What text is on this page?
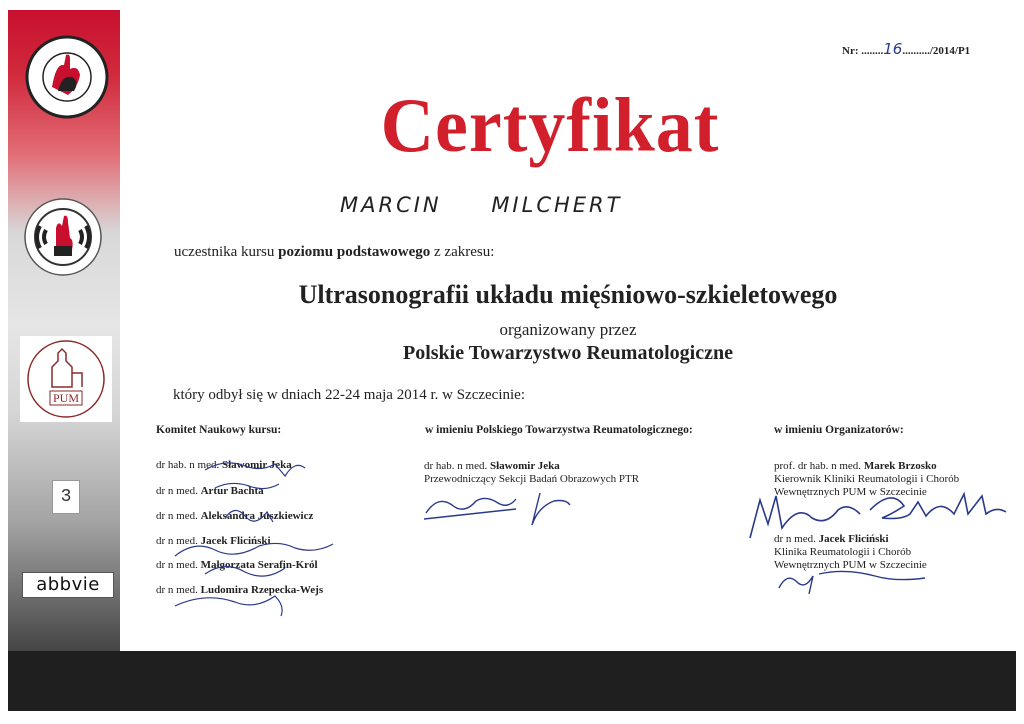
PUM
3
abbvie
Nr: ........16........../2014/P1
Certyfikat
MARCIN MILCHERT
uczestnika kursu poziomu podstawowego z zakresu:
Ultrasonografii układu mięśniowo-szkieletowego
organizowany przez
Polskie Towarzystwo Reumatologiczne
który odbył się w dniach 22-24 maja 2014 r. w Szczecinie:
Komitet Naukowy kursu:	w imieniu Polskiego Towarzystwa Reumatologicznego:	w imieniu Organizatorów:
dr hab. n med. Sławomir Jeka
dr n med. Artur Bachta
dr n med. Aleksandra Juszkiewicz
dr n med. Jacek Fliciński
dr n med. Małgorzata Serafin-Król
dr n med. Ludomira Rzepecka-Wejs
dr hab. n med. Sławomir Jeka
Przewodniczący Sekcji Badań Obrazowych PTR
prof. dr hab. n med. Marek Brzosko
Kierownik Kliniki Reumatologii i Chorób
Wewnętrznych PUM w Szczecinie
dr n med. Jacek Fliciński
Klinika Reumatologii i Chorób
Wewnętrznych PUM w Szczecinie
